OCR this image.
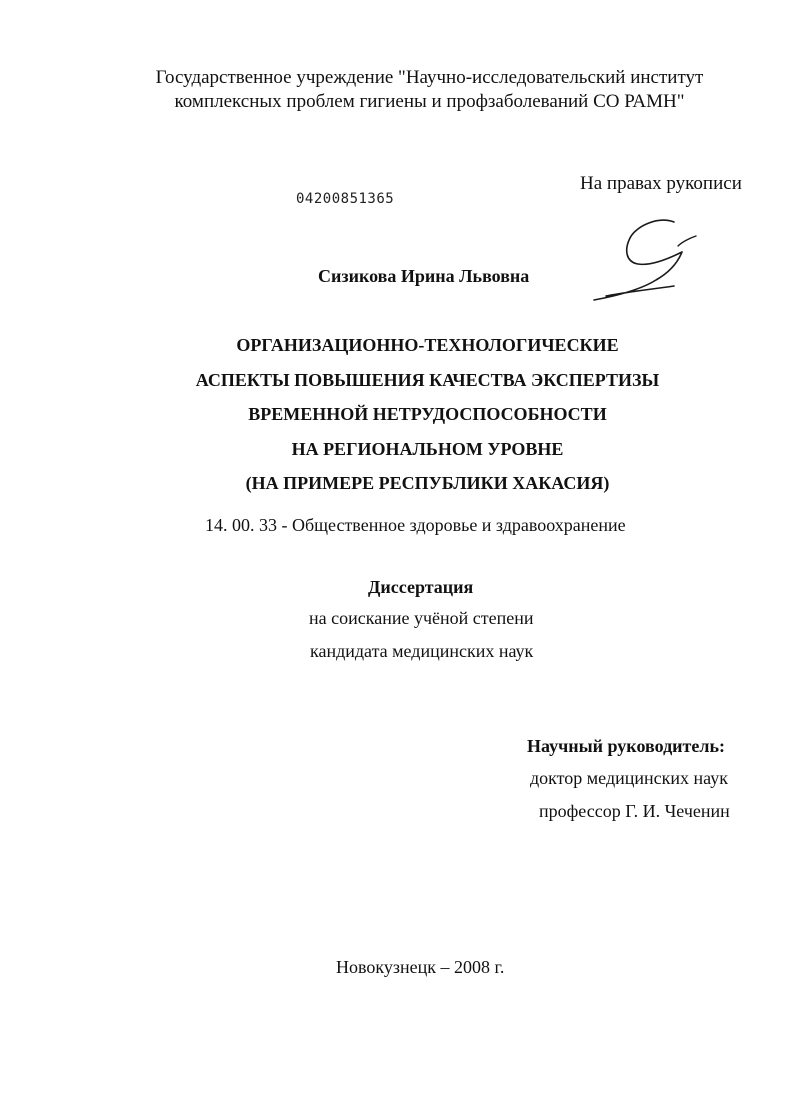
Государственное учреждение "Научно-исследовательский институт
комплексных проблем гигиены и профзаболеваний СО РАМН"
На правах рукописи
04200851365
Сизикова Ирина Львовна
ОРГАНИЗАЦИОННО-ТЕХНОЛОГИЧЕСКИЕ
АСПЕКТЫ ПОВЫШЕНИЯ КАЧЕСТВА ЭКСПЕРТИЗЫ
ВРЕМЕННОЙ НЕТРУДОСПОСОБНОСТИ
НА РЕГИОНАЛЬНОМ УРОВНЕ
(НА ПРИМЕРЕ РЕСПУБЛИКИ ХАКАСИЯ)
14. 00. 33 - Общественное здоровье и здравоохранение
Диссертация
на соискание учёной степени
кандидата медицинских наук
Научный руководитель:
доктор медицинских наук
профессор Г. И. Чеченин
Новокузнецк – 2008 г.
